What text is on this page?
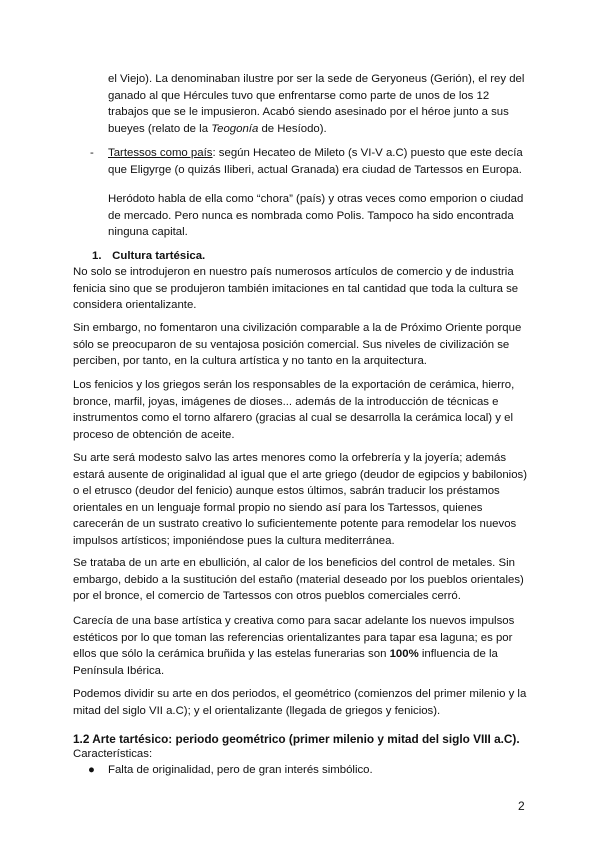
el Viejo). La denominaban ilustre por ser la sede de Geryoneus (Gerión), el rey del ganado al que Hércules tuvo que enfrentarse como parte de unos de los 12 trabajos que se le impusieron. Acabó siendo asesinado por el héroe junto a sus bueyes (relato de la Teogonía de Hesíodo).

-	Tartessos como país: según Hecateo de Mileto (s VI-V a.C) puesto que este decía que Eligyrge (o quizás Iliberi, actual Granada) era ciudad de Tartessos en Europa.

Heródoto habla de ella como “chora” (país) y otras veces como emporion o ciudad de mercado. Pero nunca es nombrada como Polis. Tampoco ha sido encontrada ninguna capital.

1. Cultura tartésica.

No solo se introdujeron en nuestro país numerosos artículos de comercio y de industria fenicia sino que se produjeron también imitaciones en tal cantidad que toda la cultura se considera orientalizante.

Sin embargo, no fomentaron una civilización comparable a la de Próximo Oriente porque sólo se preocuparon de su ventajosa posición comercial. Sus niveles de civilización se perciben, por tanto, en la cultura artística y no tanto en la arquitectura.

Los fenicios y los griegos serán los responsables de la exportación de cerámica, hierro, bronce, marfil, joyas, imágenes de dioses... además de la introducción de técnicas e instrumentos como el torno alfarero (gracias al cual se desarrolla la cerámica local) y el proceso de obtención de aceite.

Su arte será modesto salvo las artes menores como la orfebrería y la joyería; además estará ausente de originalidad al igual que el arte griego (deudor de egipcios y babilonios) o el etrusco (deudor del fenicio) aunque estos últimos, sabrán traducir los préstamos orientales en un lenguaje formal propio no siendo así para los Tartessos, quienes carecerán de un sustrato creativo lo suficientemente potente para remodelar los nuevos impulsos artísticos; imponiéndose pues la cultura mediterránea.

Se trataba de un arte en ebullición, al calor de los beneficios del control de metales. Sin embargo, debido a la sustitución del estaño (material deseado por los pueblos orientales) por el bronce, el comercio de Tartessos con otros pueblos comerciales cerró.

Carecía de una base artística y creativa como para sacar adelante los nuevos impulsos estéticos por lo que toman las referencias orientalizantes para tapar esa laguna; es por ellos que sólo la cerámica bruñida y las estelas funerarias son 100% influencia de la Península Ibérica.

Podemos dividir su arte en dos periodos, el geométrico (comienzos del primer milenio y la mitad del siglo VII a.C); y el orientalizante (llegada de griegos y fenicios).

1.2 Arte tartésico: periodo geométrico (primer milenio y mitad del siglo VIII a.C).

Características:

●	Falta de originalidad, pero de gran interés simbólico.

2
